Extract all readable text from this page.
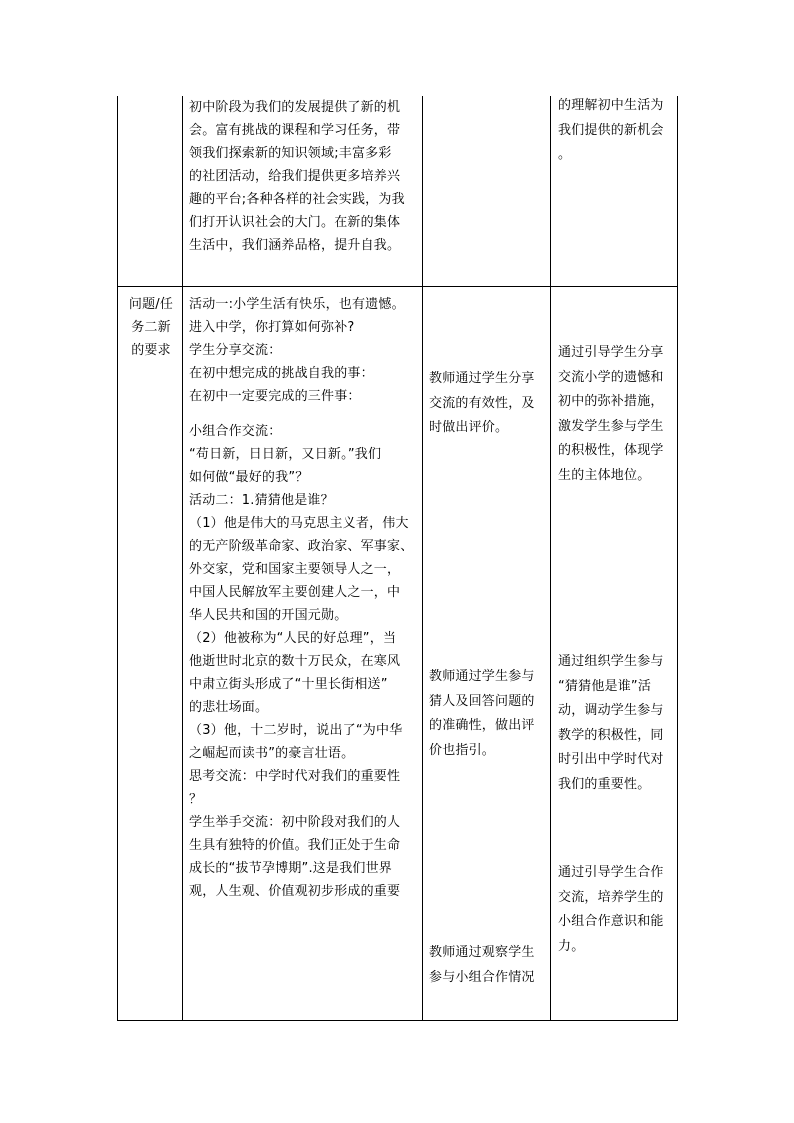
初中阶段为我们的发展提供了新的机

会。富有挑战的课程和学习任务，带

领我们探索新的知识领域;丰富多彩

的社团活动，给我们提供更多培养兴

趣的平台;各种各样的社会实践，为我

们打开认识社会的大门。在新的集体

生活中，我们涵养品格，提升自我。

的理解初中生活为

我们提供的新机会

。

问题/任

务二新

的要求

活动一:小学生活有快乐，也有遗憾。

进入中学，你打算如何弥补?

学生分享交流：

在初中想完成的挑战自我的事：

在初中一定要完成的三件事：

小组合作交流：

“苟日新，日日新，又日新。”我们

如何做“最好的我”？

活动二：1.猜猜他是谁？

（1）他是伟大的马克思主义者，伟大

的无产阶级革命家、政治家、军事家、

外交家，党和国家主要领导人之一，

中国人民解放军主要创建人之一，中

华人民共和国的开国元勋。

（2）他被称为“人民的好总理”，当

他逝世时北京的数十万民众，在寒风

中肃立街头形成了“十里长街相送”

的悲壮场面。

（3）他，十二岁时，说出了“为中华

之崛起而读书”的豪言壮语。

思考交流：中学时代对我们的重要性

？

学生举手交流：初中阶段对我们的人

生具有独特的价值。我们正处于生命

成长的“拔节孕博期”.这是我们世界

观，人生观、价值观初步形成的重要

教师通过学生分享

交流的有效性，及

时做出评价。

教师通过学生参与

猜人及回答问题的

的准确性，做出评

价也指引。

教师通过观察学生

参与小组合作情况

通过引导学生分享

交流小学的遗憾和

初中的弥补措施，

激发学生参与学生

的积极性，体现学

生的主体地位。

通过组织学生参与

“猜猜他是谁”活

动，调动学生参与

教学的积极性，同

时引出中学时代对

我们的重要性。

通过引导学生合作

交流，培养学生的

小组合作意识和能

力。
